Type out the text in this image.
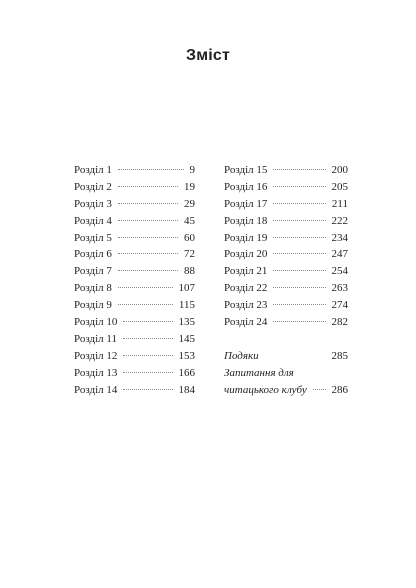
Зміст
Розділ 1	9
Розділ 2	19
Розділ 3	29
Розділ 4	45
Розділ 5	60
Розділ 6	72
Розділ 7	88
Розділ 8	107
Розділ 9	115
Розділ 10	135
Розділ 11	145
Розділ 12	153
Розділ 13	166
Розділ 14	184
Розділ 15	200
Розділ 16	205
Розділ 17	211
Розділ 18	222
Розділ 19	234
Розділ 20	247
Розділ 21	254
Розділ 22	263
Розділ 23	274
Розділ 24	282
Подяки	285
Запитання для
читацького клубу 286
